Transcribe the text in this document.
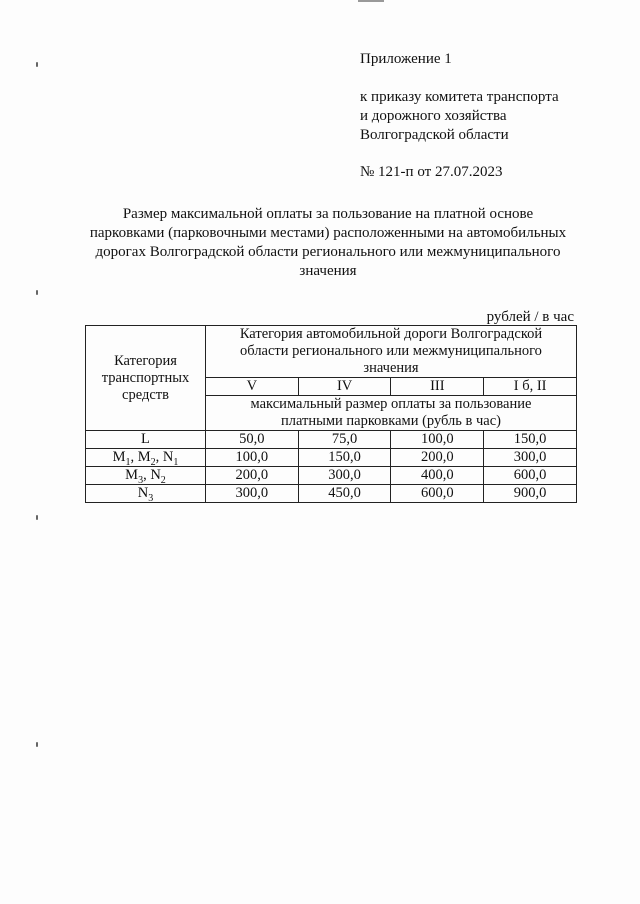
Приложение 1
к приказу комитета транспорта
и дорожного хозяйства
Волгоградской области
№ 121-п от 27.07.2023
Размер максимальной оплаты за пользование на платной основе
парковками (парковочными местами) расположенными на автомобильных
дорогах Волгоградской области регионального или межмуниципального
значения
рублей / в час
Категория транспортных средств	Категория автомобильной дороги Волгоградской области регионального или межмуниципального значения			
	V	IV	III	I б, II
	максимальный размер оплаты за пользование платными парковками (рубль в час)			
L	50,0	75,0	100,0	150,0
$M_1$, $M_2$, $N_1$	100,0	150,0	200,0	300,0
$M_3$, $N_2$	200,0	300,0	400,0	600,0
$N_3$	300,0	450,0	600,0	900,0
